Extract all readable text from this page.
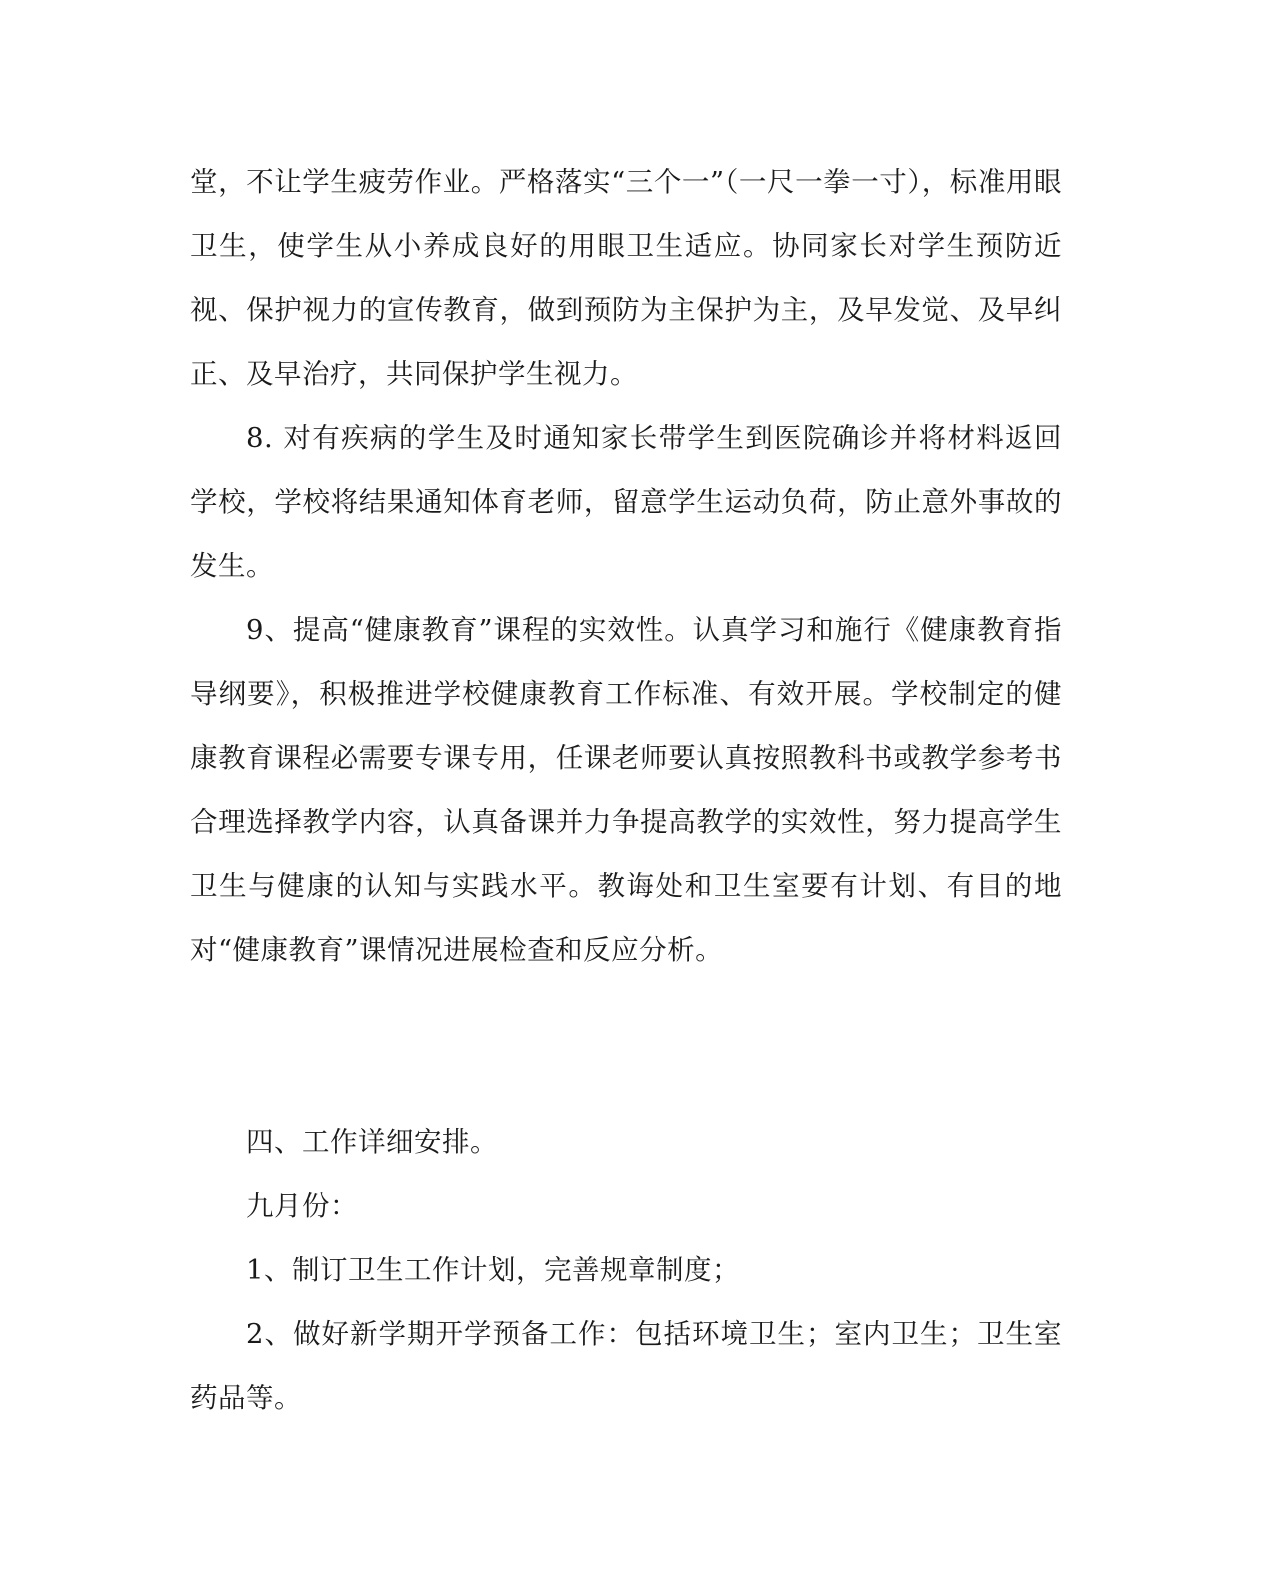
堂，不让学生疲劳作业。严格落实“三个一”（一尺一拳一寸），标准用眼卫生，使学生从小养成良好的用眼卫生适应。协同家长对学生预防近视、保护视力的宣传教育，做到预防为主保护为主，及早发觉、及早纠正、及早治疗，共同保护学生视力。

8. 对有疾病的学生及时通知家长带学生到医院确诊并将材料返回学校，学校将结果通知体育老师，留意学生运动负荷，防止意外事故的发生。

9、提高“健康教育”课程的实效性。认真学习和施行《健康教育指导纲要》，积极推进学校健康教育工作标准、有效开展。学校制定的健康教育课程必需要专课专用，任课老师要认真按照教科书或教学参考书合理选择教学内容，认真备课并力争提高教学的实效性，努力提高学生卫生与健康的认知与实践水平。教诲处和卫生室要有计划、有目的地对“健康教育”课情况进展检查和反应分析。

四、工作详细安排。

九月份：

1、制订卫生工作计划，完善规章制度；

2、做好新学期开学预备工作：包括环境卫生；室内卫生；卫生室药品等。
